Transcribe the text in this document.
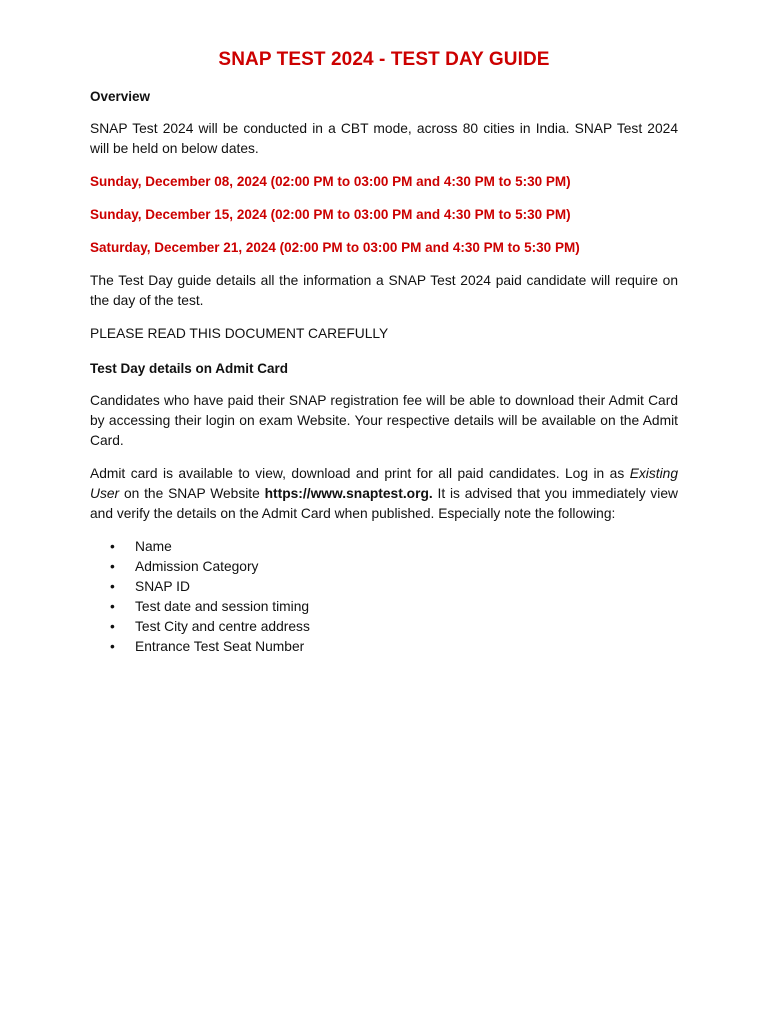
SNAP TEST 2024 - TEST DAY GUIDE

Overview

SNAP Test 2024 will be conducted in a CBT mode, across 80 cities in India. SNAP Test 2024 will be held on below dates.

Sunday, December 08, 2024 (02:00 PM to 03:00 PM and 4:30 PM to 5:30 PM)

Sunday, December 15, 2024 (02:00 PM to 03:00 PM and 4:30 PM to 5:30 PM)

Saturday, December 21, 2024 (02:00 PM to 03:00 PM and 4:30 PM to 5:30 PM)

The Test Day guide details all the information a SNAP Test 2024 paid candidate will require on the day of the test.

PLEASE READ THIS DOCUMENT CAREFULLY

Test Day details on Admit Card

Candidates who have paid their SNAP registration fee will be able to download their Admit Card by accessing their login on exam Website. Your respective details will be available on the Admit Card.

Admit card is available to view, download and print for all paid candidates. Log in as Existing User on the SNAP Website https://www.snaptest.org. It is advised that you immediately view and verify the details on the Admit Card when published. Especially note the following:

• Name
• Admission Category
• SNAP ID
• Test date and session timing
• Test City and centre address
• Entrance Test Seat Number
